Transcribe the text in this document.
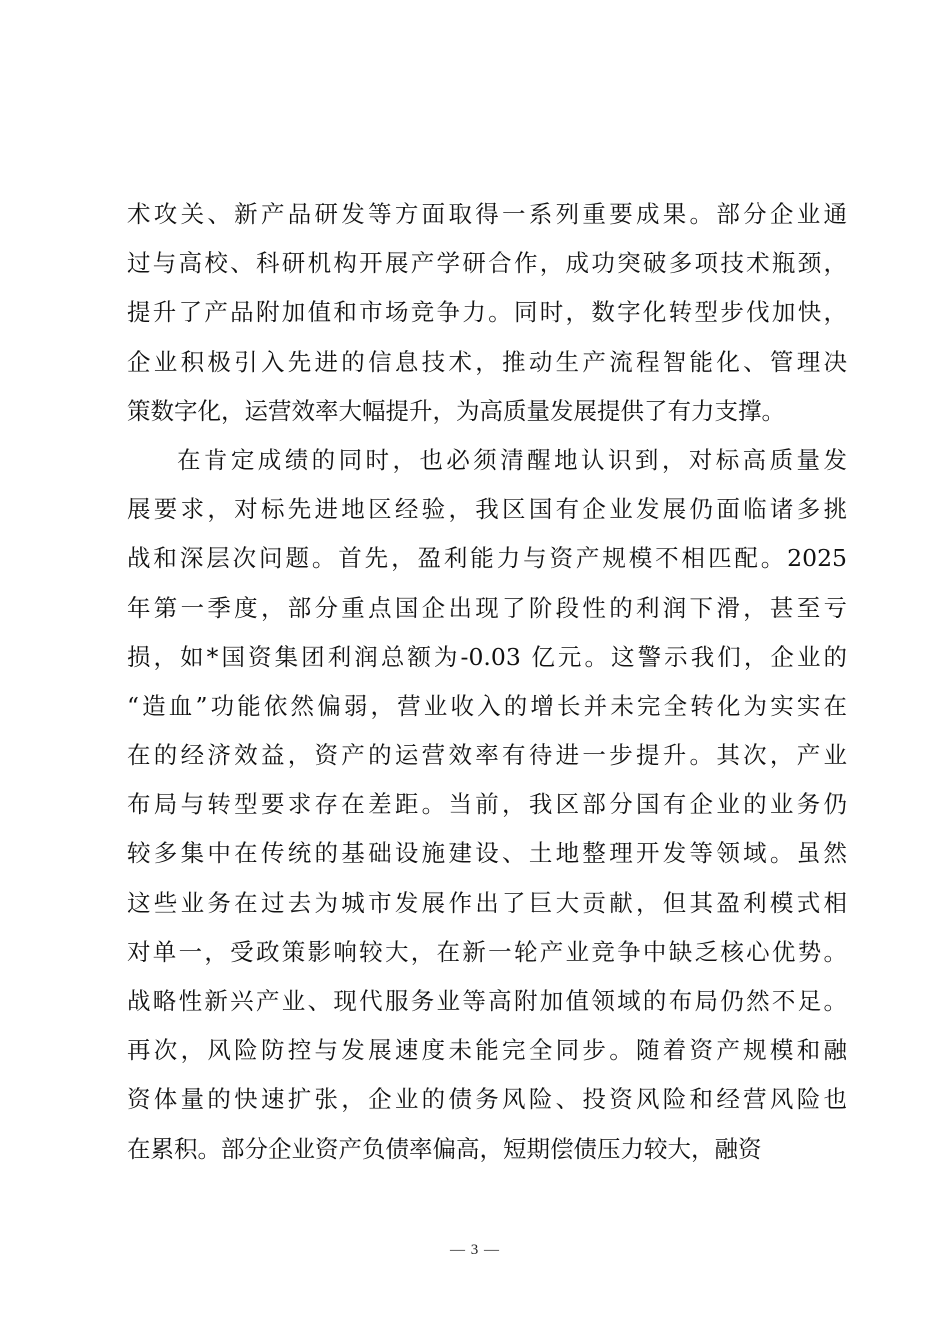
术攻关、新产品研发等方面取得一系列重要成果。部分企业通
过与高校、科研机构开展产学研合作，成功突破多项技术瓶颈，
提升了产品附加值和市场竞争力。同时，数字化转型步伐加快，
企业积极引入先进的信息技术，推动生产流程智能化、管理决
策数字化，运营效率大幅提升，为高质量发展提供了有力支撑。
在肯定成绩的同时，也必须清醒地认识到，对标高质量发
展要求，对标先进地区经验，我区国有企业发展仍面临诸多挑
战和深层次问题。首先，盈利能力与资产规模不相匹配。2025
年第一季度，部分重点国企出现了阶段性的利润下滑，甚至亏
损，如*国资集团利润总额为-0.03 亿元。这警示我们，企业的
“造血”功能依然偏弱，营业收入的增长并未完全转化为实实在
在的经济效益，资产的运营效率有待进一步提升。其次，产业
布局与转型要求存在差距。当前，我区部分国有企业的业务仍
较多集中在传统的基础设施建设、土地整理开发等领域。虽然
这些业务在过去为城市发展作出了巨大贡献，但其盈利模式相
对单一，受政策影响较大，在新一轮产业竞争中缺乏核心优势。
战略性新兴产业、现代服务业等高附加值领域的布局仍然不足。
再次，风险防控与发展速度未能完全同步。随着资产规模和融
资体量的快速扩张，企业的债务风险、投资风险和经营风险也
在累积。部分企业资产负债率偏高，短期偿债压力较大，融资
— 3 —
